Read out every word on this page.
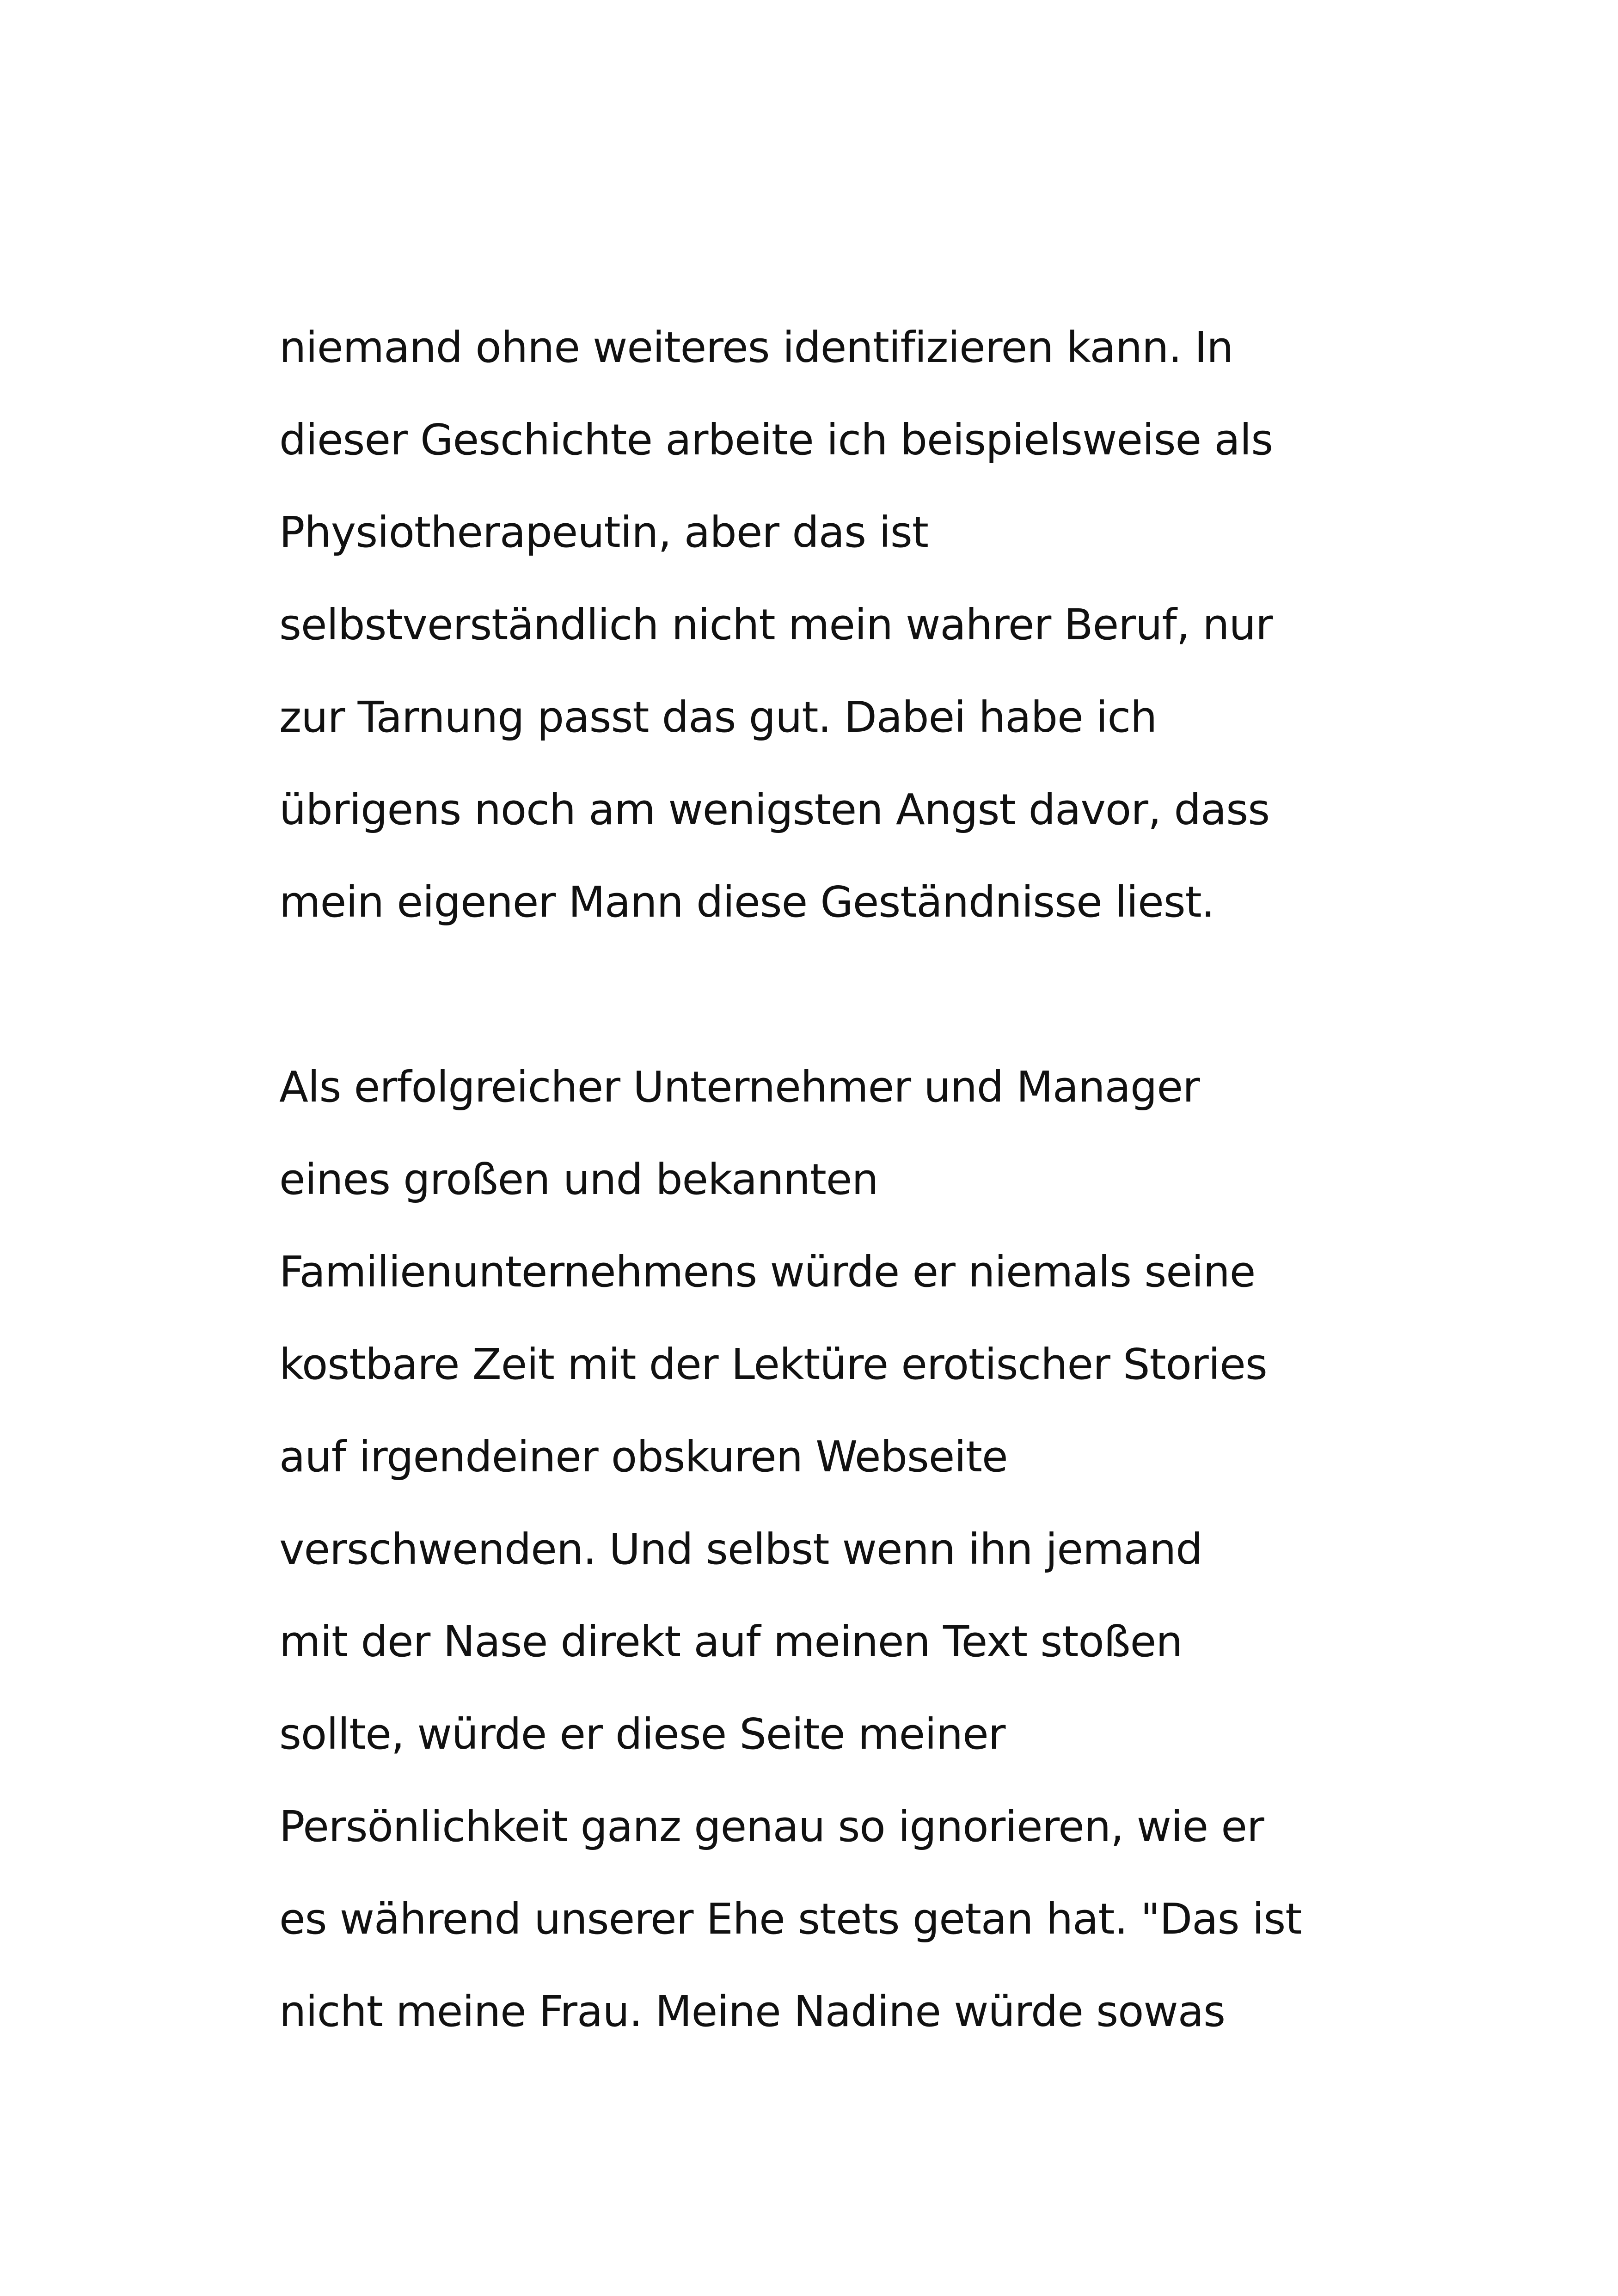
niemand ohne weiteres identifizieren kann. In
dieser Geschichte arbeite ich beispielsweise als
Physiotherapeutin, aber das ist
selbstverständlich nicht mein wahrer Beruf, nur
zur Tarnung passt das gut. Dabei habe ich
übrigens noch am wenigsten Angst davor, dass
mein eigener Mann diese Geständnisse liest.
Als erfolgreicher Unternehmer und Manager
eines großen und bekannten
Familienunternehmens würde er niemals seine
kostbare Zeit mit der Lektüre erotischer Stories
auf irgendeiner obskuren Webseite
verschwenden. Und selbst wenn ihn jemand
mit der Nase direkt auf meinen Text stoßen
sollte, würde er diese Seite meiner
Persönlichkeit ganz genau so ignorieren, wie er
es während unserer Ehe stets getan hat. "Das ist
nicht meine Frau. Meine Nadine würde sowas
